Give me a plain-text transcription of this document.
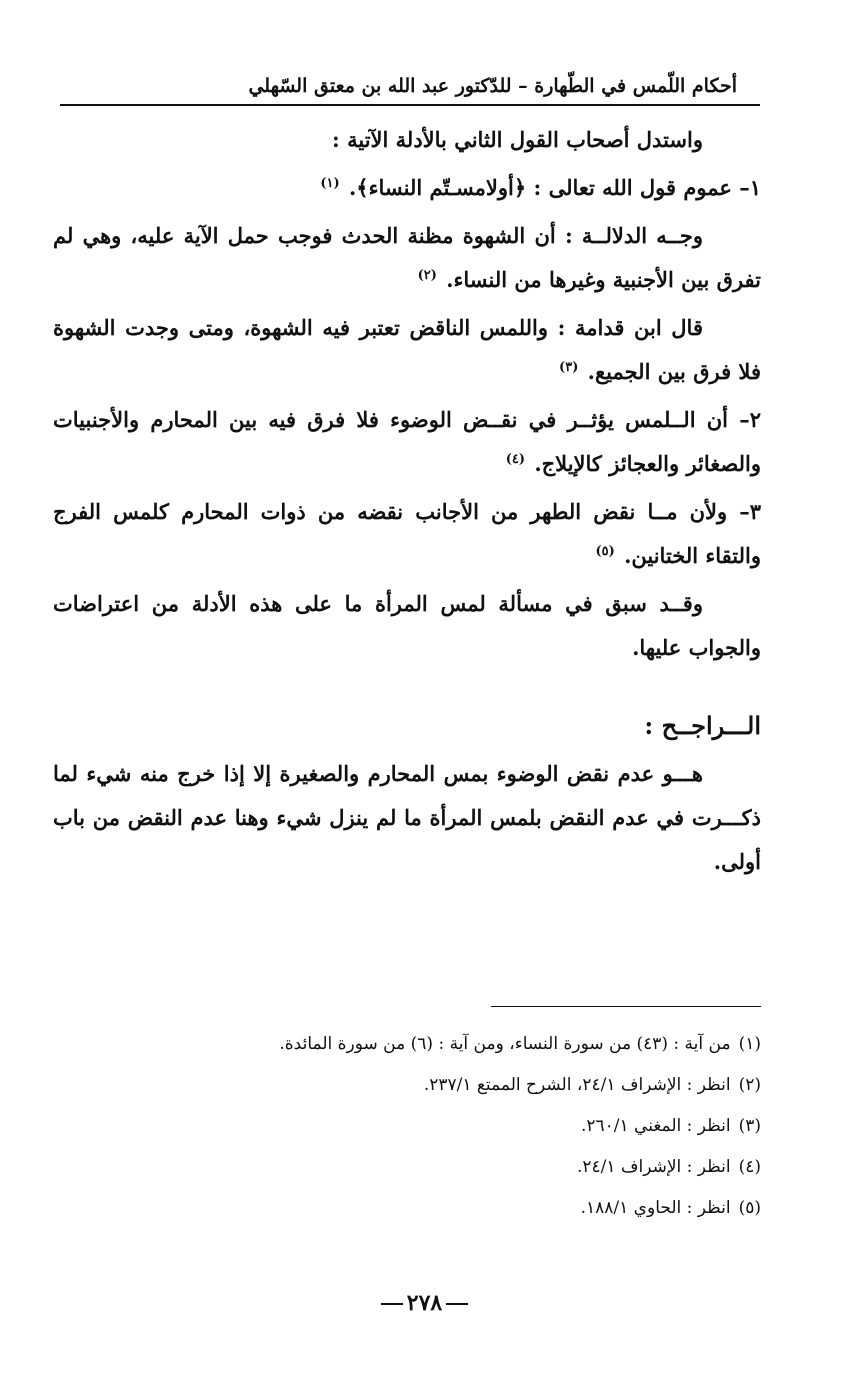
أحكام اللّمس في الطّهارة – للدّكتور عبد الله بن معتق السّهلي

واستدل أصحاب القول الثاني بالأدلة الآتية :

١– عموم قول الله تعالى : ﴿أولامسـتّم النساء﴾. $^{(١)}$

وجــه الدلالــة : أن الشهوة مظنة الحدث فوجب حمل الآية عليه، وهي لم تفرق بين الأجنبية وغيرها من النساء. $^{(٢)}$

قال ابن قدامة : واللمس الناقض تعتبر فيه الشهوة، ومتى وجدت الشهوة فلا فرق بين الجميع. $^{(٣)}$

٢– أن الــلمس يؤثــر في نقــض الوضوء فلا فرق فيه بين المحارم والأجنبيات والصغائر والعجائز كالإيلاج. $^{(٤)}$

٣– ولأن مــا نقض الطهر من الأجانب نقضه من ذوات المحارم كلمس الفرج والتقاء الختانين. $^{(٥)}$

وقــد سبق في مسألة لمس المرأة ما على هذه الأدلة من اعتراضات والجواب عليها.

الـــراجــح :

هـــو عدم نقض الوضوء بمس المحارم والصغيرة إلا إذا خرج منه شيء لما ذكـــرت في عدم النقض بلمس المرأة ما لم ينزل شيء وهنا عدم النقض من باب أولى.

(١)من آية : (٤٣) من سورة النساء، ومن آية : (٦) من سورة المائدة.
(٢)انظر : الإشراف ٢٤/١، الشرح الممتع ٢٣٧/١.
(٣)انظر : المغني ٢٦٠/١.
(٤)انظر : الإشراف ٢٤/١.
(٥)انظر : الحاوي ١٨٨/١.
٢٧٨
